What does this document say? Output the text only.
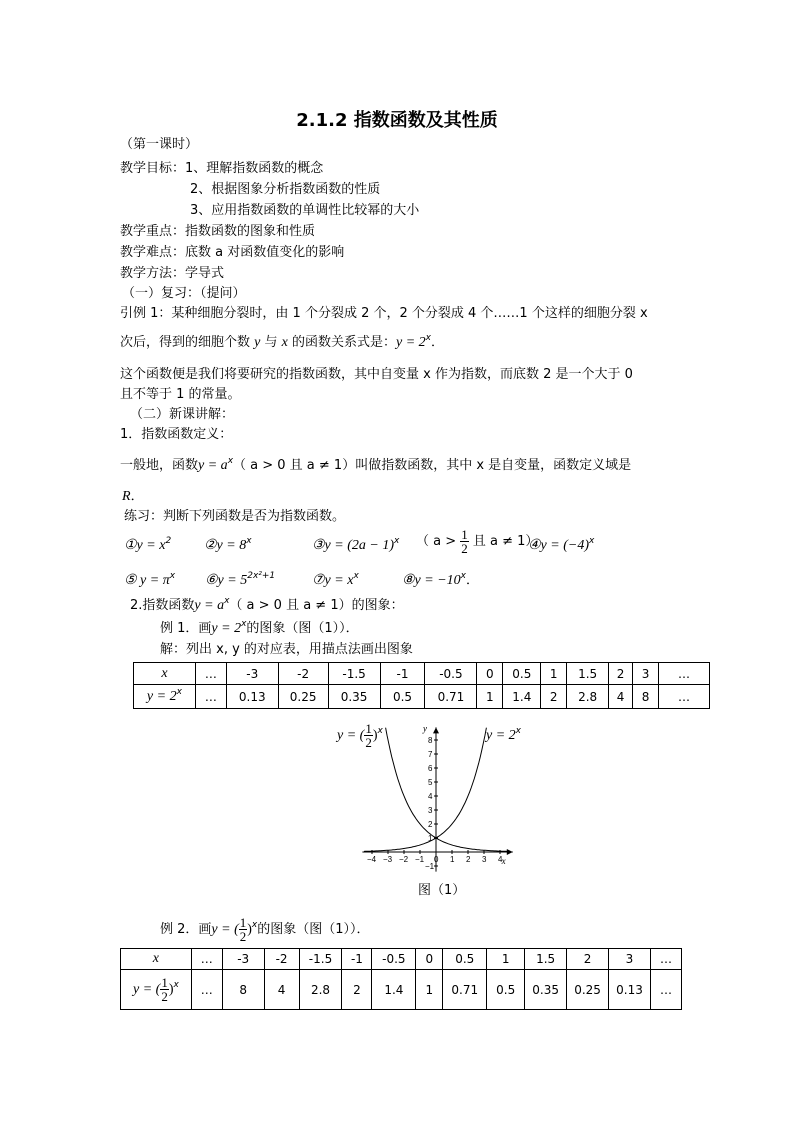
2.1.2 指数函数及其性质
（第一课时）
教学目标：1、理解指数函数的概念
2、根据图象分析指数函数的性质
3、应用指数函数的单调性比较幂的大小
教学重点：指数函数的图象和性质
教学难点：底数 a 对函数值变化的影响
教学方法：学导式
（一）复习：（提问）
引例 1：某种细胞分裂时，由 1 个分裂成 2 个，2 个分裂成 4 个……1 个这样的细胞分裂 x
次后，得到的细胞个数 y 与 x 的函数关系式是：$y = 2^x$．
这个函数便是我们将要研究的指数函数，其中自变量 x 作为指数，而底数 2 是一个大于 0
且不等于 1 的常量。
（二）新课讲解：
1．指数函数定义：
一般地，函数$y = a^x$（ a > 0 且 a ≠ 1）叫做指数函数，其中 x 是自变量，函数定义域是
R．
练习：判断下列函数是否为指数函数。
①y = $x^2$ ②y = $8^x$	③y = $(2a - 1)^x$ （ $a > \frac{1}{2}$ 且 a ≠ 1）
④y = $(-4)^x$
⑤ $y = \pi^x$ ⑥y = $5^{2x^2+1}$	⑦y = $x^x$	⑧y = $-10^x$．
2.指数函数$y = a^x$（ a > 0 且 a ≠ 1）的图象：
例 1．画$y = 2^x$的图象（图（1））．
解：列出 x, y 的对应表，用描点法画出图象
x	…	-3	-2	-1.5	-1	-0.5	0	0.5	1	1.5	2	3	…
$y = 2^x$	…	0.13	0.25	0.35	0.5	0.71	1	1.4	2	2.8	4	8	…
−4 −3 −2 −1 0 1 2 3 4
8
7
6
5
4
3
2
1
−1
x
y
y = ( $\frac{1}{2} )^x$	$y = 2^x$
图（1）
例 2．画y = ( $\frac{1}{2} )^x$的图象（图（1））．
x	…	-3	-2	-1.5	-1	-0.5	0	0.5	1	1.5	2	3	…
y = ( $\frac{1}{2} )^x$	…	8	4	2.8	2	1.4	1	0.71	0.5	0.35	0.25	0.13	…
